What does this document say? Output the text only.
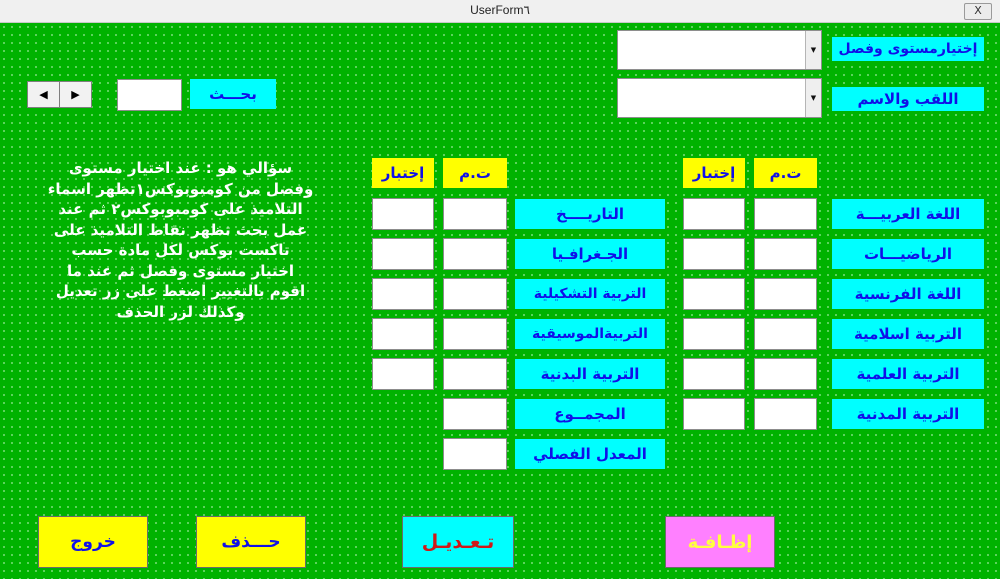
UserForm٦	X
▼	إختيارمستوى وفصل
▼	اللقب والاسم
◀	▶	بحـــث
إختبار	ت.م	إختبار	ت.م
اللغة العربيـــة
الرياضيـــات
اللغة الفرنسية
التربية اسلامية
التربية العلمية
التربية المدنية
التاريــــخ
الجـغرافـيا
التربية التشكيلية
التربيةالموسيقية
التربية البدنية
المجمــوع
المعدل الفصلي
سؤالي هو : عند اختيار مستوى
وفصل من كومبوبوكس١تظهر اسماء
التلاميذ على كومبوبوكس٢ ثم عند
عمل بحث تظهر نقاط التلاميذ على
تاكست بوكس لكل مادة حسب
اختيار مستوى وفصل ثم عند ما
اقوم بالتغيير اضغط على زر تعديل
وكذلك لزر الحذف
خروج	حـــذف	تـعـديـل	إظـافـة
